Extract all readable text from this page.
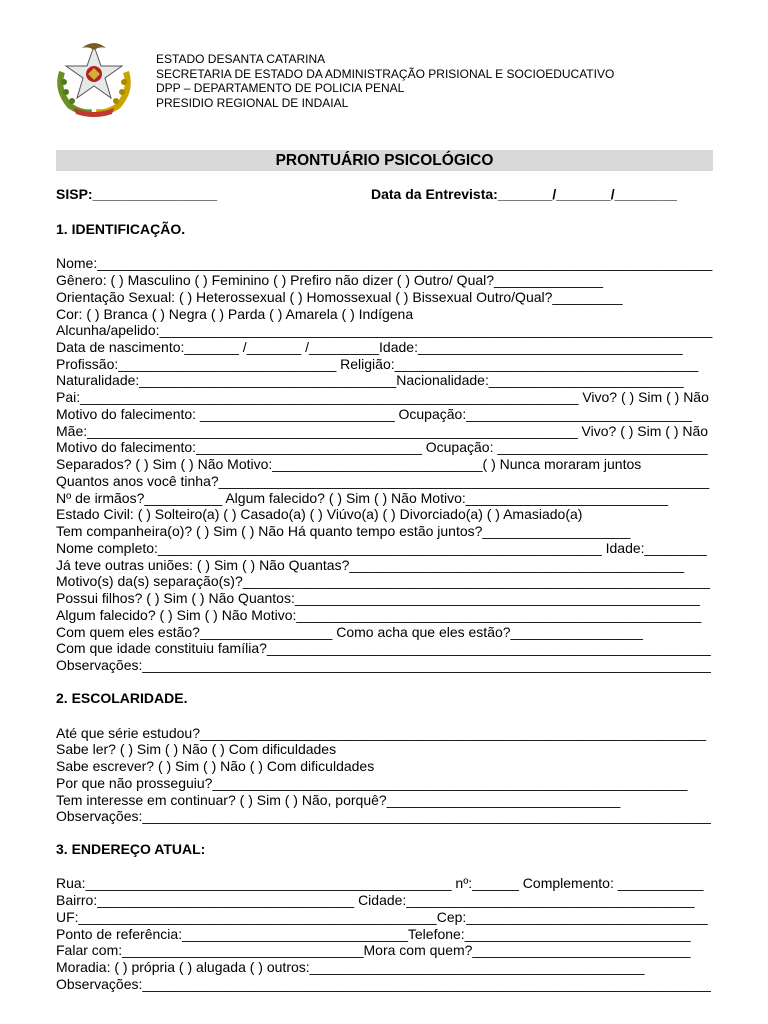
ESTADO DESANTA CATARINA
SECRETARIA DE ESTADO DA ADMINISTRAÇÃO PRISIONAL E SOCIOEDUCATIVO
DPP – DEPARTAMENTO DE POLICIA PENAL
PRESIDIO REGIONAL DE INDAIAL
PRONTUÁRIO PSICOLÓGICO
SISP:________________	Data da Entrevista:_______/_______/________
1. IDENTIFICAÇÃO.
Nome:_______________________________________________________________________________
Gênero: ( ) Masculino ( ) Feminino ( ) Prefiro não dizer ( ) Outro/ Qual?______________
Orientação Sexual: ( ) Heterossexual ( ) Homossexual ( ) Bissexual Outro/Qual?_________
Cor: ( ) Branca ( ) Negra ( ) Parda ( ) Amarela ( ) Indígena
Alcunha/apelido:_______________________________________________________________________
Data de nascimento:_______ /_______ /_________Idade:__________________________________
Profissão:____________________________ Religião:_______________________________________
Naturalidade:_________________________________Nacionalidade:_________________________
Pai:________________________________________________________________ Vivo? ( ) Sim ( ) Não
Motivo do falecimento: _________________________ Ocupação:_____________________________
Mãe:_______________________________________________________________ Vivo? ( ) Sim ( ) Não
Motivo do falecimento:_____________________________ Ocupação: ___________________________
Separados? ( ) Sim ( ) Não Motivo:___________________________( ) Nunca moraram juntos
Quantos anos você tinha?_______________________________________________________________
Nº de irmãos?__________ Algum falecido? ( ) Sim ( ) Não Motivo:__________________________
Estado Civil: ( ) Solteiro(a) ( ) Casado(a) ( ) Viúvo(a) ( ) Divorciado(a) ( ) Amasiado(a)
Tem companheira(o)? ( ) Sim ( ) Não Há quanto tempo estão juntos?___________________
Nome completo:_________________________________________________________ Idade:________
Já teve outras uniões: ( ) Sim ( ) Não Quantas?___________________________________________
Motivo(s) da(s) separação(s)?____________________________________________________________
Possui filhos? ( ) Sim ( ) Não Quantos:____________________________________________________
Algum falecido? ( ) Sim ( ) Não Motivo:____________________________________________________
Com quem eles estão?_________________ Como acha que eles estão?_________________
Com que idade constituiu família?_________________________________________________________
Observações:_________________________________________________________________________
2. ESCOLARIDADE.
Até que série estudou?_________________________________________________________________
Sabe ler? ( ) Sim ( ) Não ( ) Com dificuldades
Sabe escrever? ( ) Sim ( ) Não ( ) Com dificuldades
Por que não prosseguiu?_____________________________________________________________
Tem interesse em continuar? ( ) Sim ( ) Não, porquê?______________________________
Observações:_________________________________________________________________________
3. ENDEREÇO ATUAL:
Rua:_______________________________________________ nº:______ Complemento: ___________
Bairro:_________________________________ Cidade:_____________________________________
UF:______________________________________________Cep:_______________________________
Ponto de referência:_____________________________Telefone:_____________________________
Falar com:_______________________________Mora com quem?____________________________
Moradia: ( ) própria ( ) alugada ( ) outros:___________________________________________
Observações:_________________________________________________________________________
